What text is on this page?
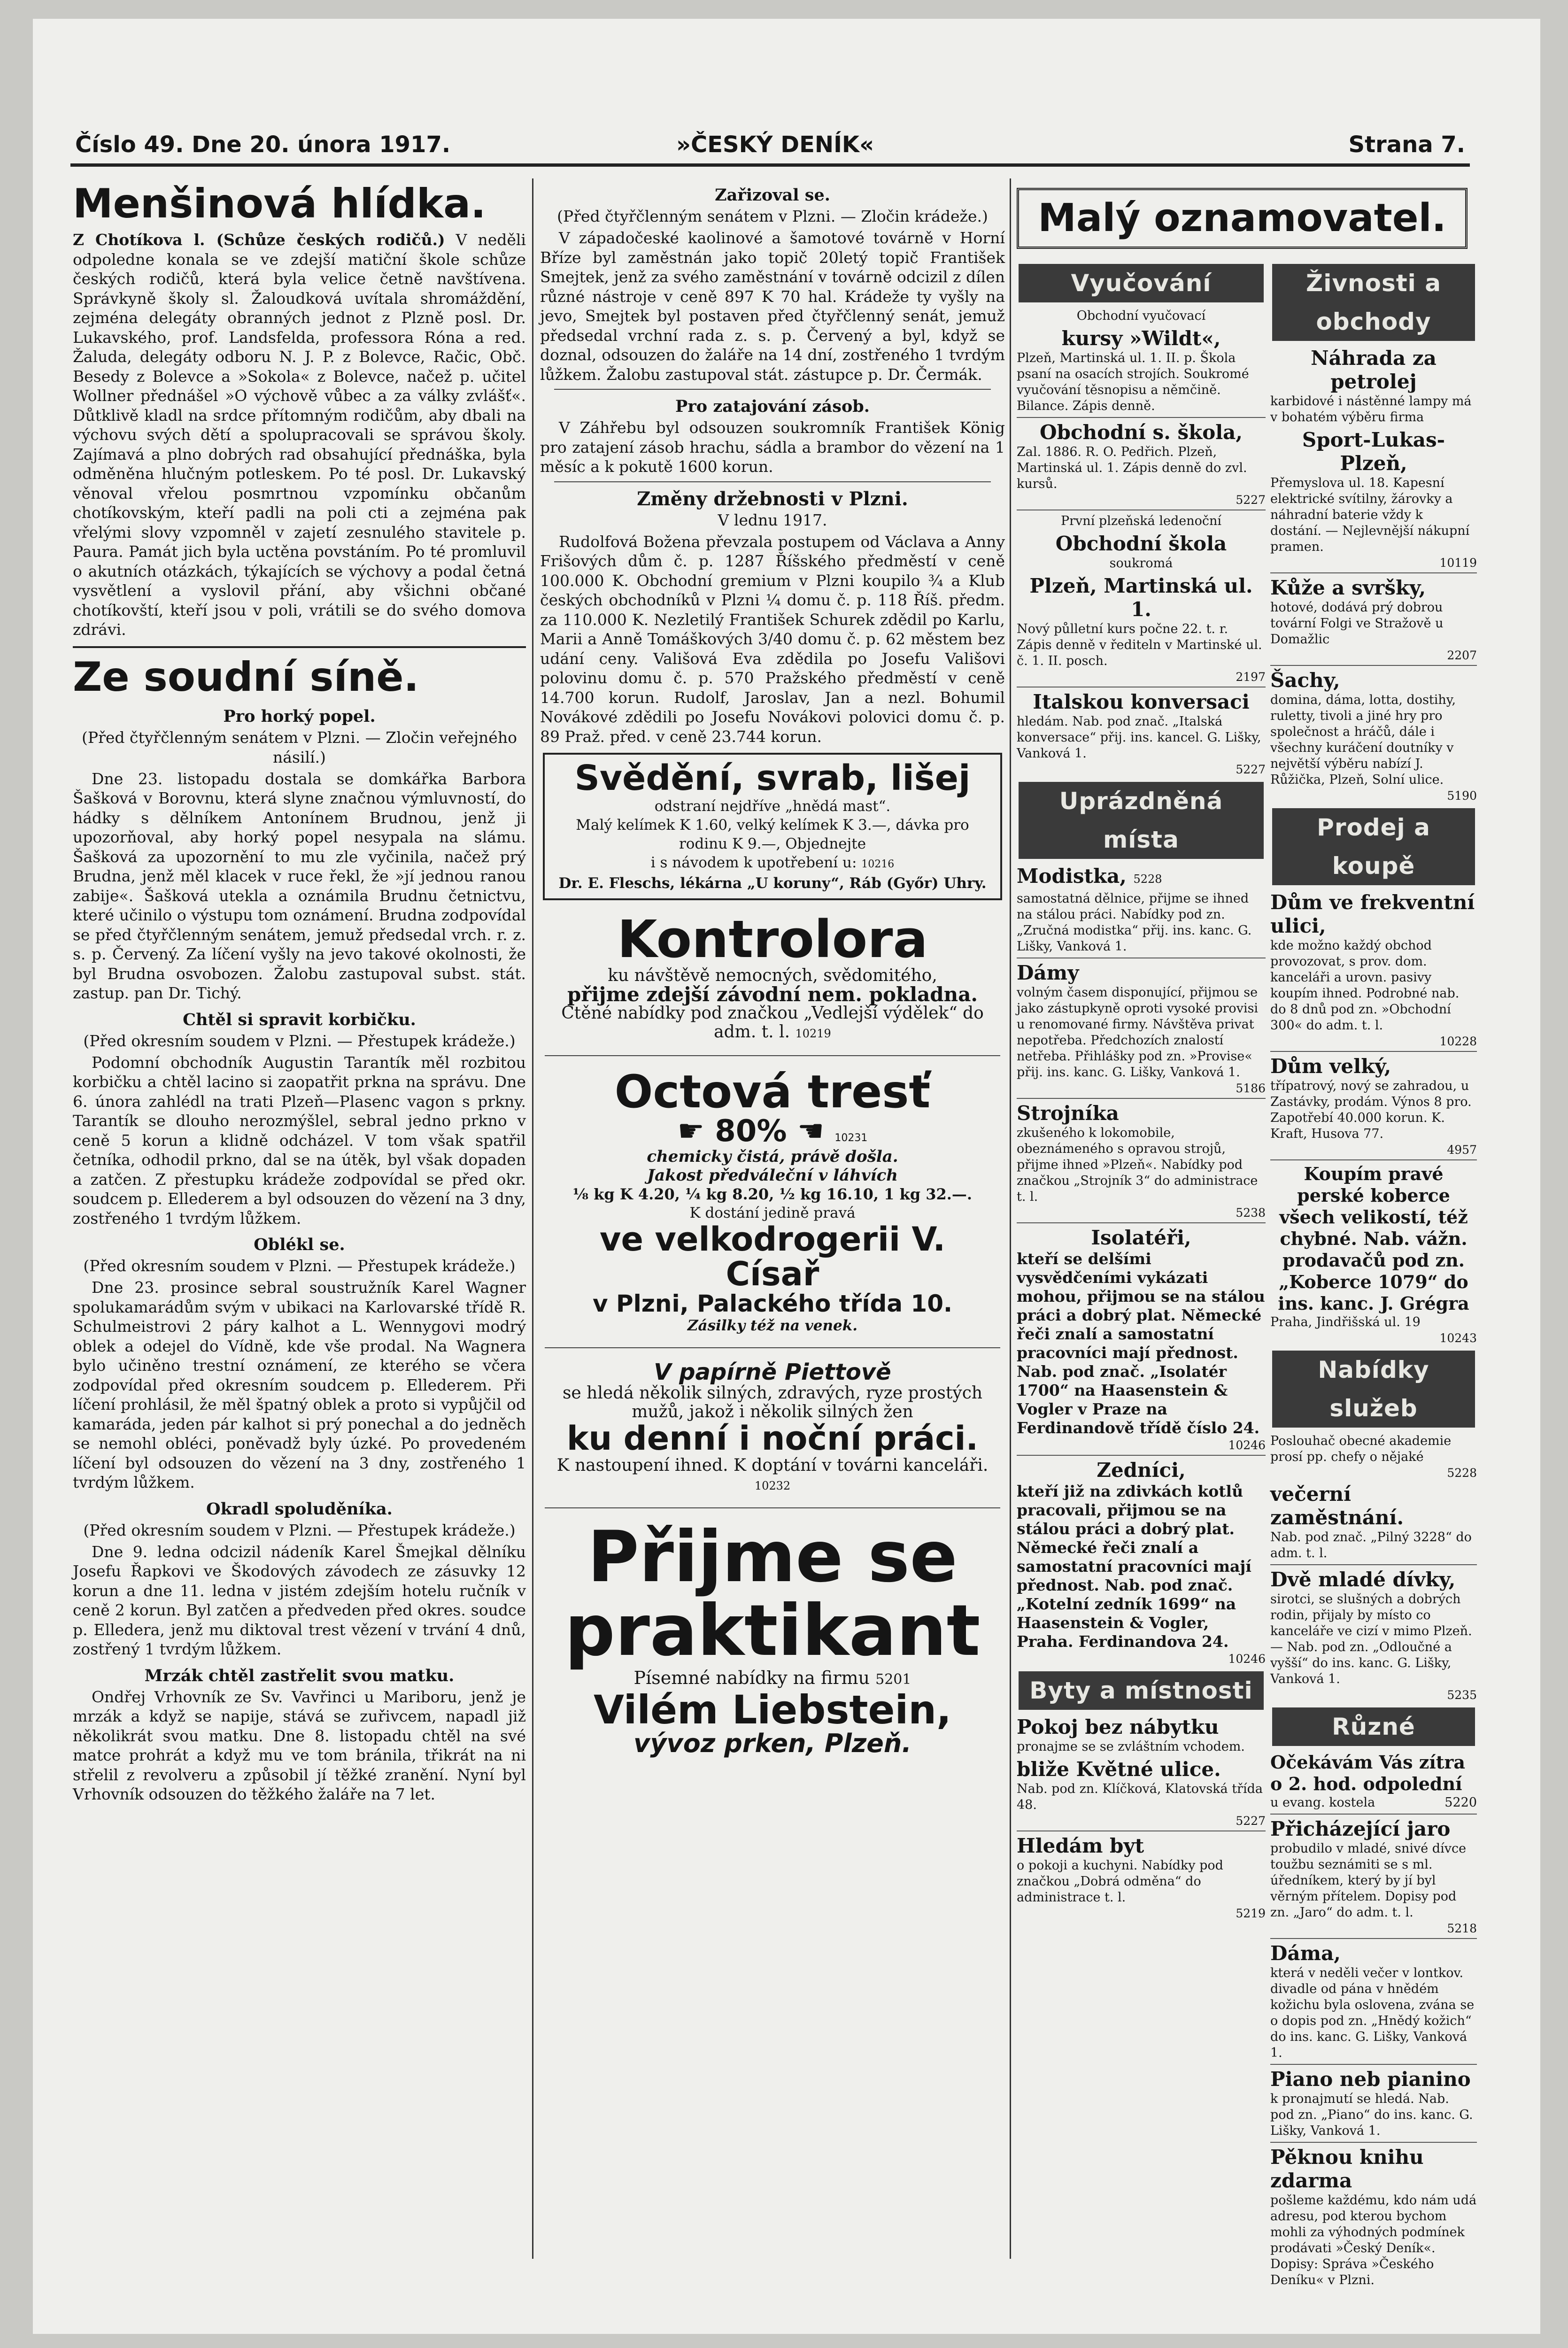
Číslo 49. Dne 20. února 1917.	»ČESKÝ DENÍK«	Strana 7.

Menšinová hlídka.

Z Chotíkova l. (Schůze českých rodičů.) V neděli odpoledne konala se ve zdejší matiční škole schůze českých rodičů, která byla velice četně navštívena. Správkyně školy sl. Žaloudková uvítala shromáždění, zejména delegáty obranných jednot z Plzně posl. Dr. Lukavského, prof. Landsfelda, professora Róna a red. Žaluda, delegáty odboru N. J. P. z Bolevce, Račic, Obč. Besedy z Bolevce a »Sokola« z Bolevce, načež p. učitel Wollner přednášel »O výchově vůbec a za války zvlášť«. Důtklivě kladl na srdce přítomným rodičům, aby dbali na výchovu svých dětí a spolupracovali se správou školy. Zajímavá a plno dobrých rad obsahující přednáška, byla odměněna hlučným potleskem. Po té posl. Dr. Lukavský věnoval vřelou posmrtnou vzpomínku občanům chotíkovským, kteří padli na poli cti a zejména pak vřelými slovy vzpomněl v zajetí zesnulého stavitele p. Paura. Památ jich byla uctěna povstáním. Po té promluvil o akutních otázkách, týkajících se výchovy a podal četná vysvětlení a vyslovil přání, aby všichni občané chotíkovští, kteří jsou v poli, vrátili se do svého domova zdrávi.

Ze soudní síně.

Pro horký popel.

(Před čtyřčlenným senátem v Plzni. — Zločin veřejného násilí.)

Dne 23. listopadu dostala se domkářka Barbora Šašková v Borovnu, která slyne značnou výmluvností, do hádky s dělníkem Antonínem Brudnou, jenž ji upozorňoval, aby horký popel nesypala na slámu. Šašková za upozornění to mu zle vyčinila, načež prý Brudna, jenž měl klacek v ruce řekl, že »jí jednou ranou zabije«. Šašková utekla a oznámila Brudnu četnictvu, které učinilo o výstupu tom oznámení. Brudna zodpovídal se před čtyřčlenným senátem, jemuž předsedal vrch. r. z. s. p. Červený. Za líčení vyšly na jevo takové okolnosti, že byl Brudna osvobozen. Žalobu zastupoval subst. stát. zastup. pan Dr. Tichý.

Chtěl si spravit korbičku.

(Před okresním soudem v Plzni. — Přestupek krádeže.)

Podomní obchodník Augustin Tarantík měl rozbitou korbičku a chtěl lacino si zaopatřit prkna na správu. Dne 6. února zahlédl na trati Plzeň—Plasenc vagon s prkny. Tarantík se dlouho nerozmýšlel, sebral jedno prkno v ceně 5 korun a klidně odcházel. V tom však spatřil četníka, odhodil prkno, dal se na útěk, byl však dopaden a zatčen. Z přestupku krádeže zodpovídal se před okr. soudcem p. Ellederem a byl odsouzen do vězení na 3 dny, zostřeného 1 tvrdým lůžkem.

Oblékl se.

(Před okresním soudem v Plzni. — Přestupek krádeže.)

Dne 23. prosince sebral soustružník Karel Wagner spolukamarádům svým v ubikaci na Karlovarské třídě R. Schulmeistrovi 2 páry kalhot a L. Wennygovi modrý oblek a odejel do Vídně, kde vše prodal. Na Wagnera bylo učiněno trestní oznámení, ze kterého se včera zodpovídal před okresním soudcem p. Ellederem. Při líčení prohlásil, že měl špatný oblek a proto si vypůjčil od kamaráda, jeden pár kalhot si prý ponechal a do jedněch se nemohl obléci, poněvadž byly úzké. Po provedeném líčení byl odsouzen do vězení na 3 dny, zostřeného 1 tvrdým lůžkem.

Okradl spoluděníka.

(Před okresním soudem v Plzni. — Přestupek krádeže.)

Dne 9. ledna odcizil nádeník Karel Šmejkal dělníku Josefu Řapkovi ve Škodových závodech ze zásuvky 12 korun a dne 11. ledna v jistém zdejším hotelu ručník v ceně 2 korun. Byl zatčen a předveden před okres. soudce p. Elledera, jenž mu diktoval trest vězení v trvání 4 dnů, zostřený 1 tvrdým lůžkem.

Mrzák chtěl zastřelit svou matku.

Ondřej Vrhovník ze Sv. Vavřinci u Mariboru, jenž je mrzák a když se napije, stává se zuřivcem, napadl již několikrát svou matku. Dne 8. listopadu chtěl na své matce prohrát a když mu ve tom bránila, třikrát na ni střelil z revolveru a způsobil jí těžké zranění. Nyní byl Vrhovník odsouzen do těžkého žaláře na 7 let.

Zařizoval se.

(Před čtyřčlenným senátem v Plzni. — Zločin krádeže.)

V západočeské kaolinové a šamotové továrně v Horní Bříze byl zaměstnán jako topič 20letý topič František Smejtek, jenž za svého zaměstnání v továrně odcizil z dílen různé nástroje v ceně 897 K 70 hal. Krádeže ty vyšly na jevo, Smejtek byl postaven před čtyřčlenný senát, jemuž předsedal vrchní rada z. s. p. Červený a byl, když se doznal, odsouzen do žaláře na 14 dní, zostřeného 1 tvrdým lůžkem. Žalobu zastupoval stát. zástupce p. Dr. Čermák.

Pro zatajování zásob.

V Záhřebu byl odsouzen soukromník František König pro zatajení zásob hrachu, sádla a brambor do vězení na 1 měsíc a k pokutě 1600 korun.

Změny držebnosti v Plzni.

V lednu 1917.

Rudolfová Božena převzala postupem od Václava a Anny Frišových dům č. p. 1287 Říšského předměstí v ceně 100.000 K. Obchodní gremium v Plzni koupilo ¾ a Klub českých obchodníků v Plzni ¼ domu č. p. 118 Říš. předm. za 110.000 K. Nezletilý František Schurek zdědil po Karlu, Marii a Anně Tomáškových 3/40 domu č. p. 62 městem bez udání ceny. Vališová Eva zdědila po Josefu Vališovi polovinu domu č. p. 570 Pražského předměstí v ceně 14.700 korun. Rudolf, Jaroslav, Jan a nezl. Bohumil Novákové zdědili po Josefu Novákovi polovici domu č. p. 89 Praž. před. v ceně 23.744 korun.

Svědění, svrab, lišej

odstraní nejdříve „hnědá mast“.

Malý kelímek K 1.60, velký kelímek K 3.—, dávka pro rodinu K 9.—, Objednejte

i s návodem k upotřebení u: 10216

Dr. E. Fleschs, lékárna „U koruny“, Ráb (Győr) Uhry.

Kontrolora

ku návštěvě nemocných, svědomitého,

přijme zdejší závodní nem. pokladna.

Ctěné nabídky pod značkou „Vedlejší výdělek“ do adm. t. l. 10219

Octová tresť

☛ 80% ☚ 10231

chemicky čistá, právě došla.

Jakost předváleční v láhvích

⅛ kg K 4.20, ¼ kg 8.20, ½ kg 16.10, 1 kg 32.—.

K dostání jedině pravá

ve velkodrogerii V. Císař

v Plzni, Palackého třída 10.

Zásilky též na venek.

V papírně Piettově

se hledá několik silných, zdravých, ryze prostých mužů, jakož i několik silných žen

ku denní i noční práci.

K nastoupení ihned. K doptání v továrni kanceláři. 10232

Přijme se

praktikant

Písemné nabídky na firmu 5201

Vilém Liebstein,

vývoz prken, Plzeň.

Malý oznamovatel.
Vyučování

Obchodní vyučovací

kursy »Wildt«,

Plzeň, Martinská ul. 1. II. p. Škola psaní na osacích strojích. Soukromé vyučování těsnopisu a němčině. Bilance. Zápis denně.

Obchodní s. škola,

Zal. 1886. R. O. Pedřich. Plzeň, Martinská ul. 1. Zápis denně do zvl. kursů.

5227

První plzeňská ledenoční

Obchodní škola

soukromá

Plzeň, Martinská ul. 1.

Nový půlletní kurs počne 22. t. r. Zápis denně v řediteln v Martinské ul. č. 1. II. posch.

2197

Italskou konversaci

hledám. Nab. pod znač. „Italská konversace“ přij. ins. kancel. G. Lišky, Vanková 1.

5227

Uprázdněná místa

Modistka, 5228

samostatná dělnice, přijme se ihned na stálou práci. Nabídky pod zn. „Zručná modistka“ přij. ins. kanc. G. Lišky, Vanková 1.

Dámy

volným časem disponující, přijmou se jako zástupkyně oproti vysoké provisi u renomované firmy. Návštěva privat nepotřeba. Předchozích znalostí netřeba. Přihlášky pod zn. »Provise« přij. ins. kanc. G. Lišky, Vanková 1.

5186

Strojníka

zkušeného k lokomobile, obeznámeného s opravou strojů, přijme ihned »Plzeň«. Nabídky pod značkou „Strojník 3“ do administrace t. l.

5238

Isolatéři,

kteří se delšími vysvědčeními vykázati mohou, přijmou se na stálou práci a dobrý plat. Německé řeči znalí a samostatní pracovníci mají přednost. Nab. pod znač. „Isolatér 1700“ na Haasenstein & Vogler v Praze na Ferdinandově třídě číslo 24.

10246

Zedníci,

kteří již na zdivkách kotlů pracovali, přijmou se na stálou práci a dobrý plat. Německé řeči znalí a samostatní pracovníci mají přednost. Nab. pod znač. „Kotelní zedník 1699“ na Haasenstein & Vogler, Praha. Ferdinandova 24.

10246

Byty a místnosti

Pokoj bez nábytku

pronajme se se zvláštním vchodem.

bliže Květné ulice.

Nab. pod zn. Klíčková, Klatovská třída 48.

5227

Hledám byt

o pokoji a kuchyni. Nabídky pod značkou „Dobrá odměna“ do administrace t. l.

5219

Živnosti a obchody

Náhrada za petrolej

karbidové i nástěnné lampy má v bohatém výběru firma

Sport-Lukas-Plzeň,

Přemyslova ul. 18. Kapesní elektrické svítilny, žárovky a náhradní baterie vždy k dostání. — Nejlevnější nákupní pramen.

10119

Kůže a svršky,

hotové, dodává prý dobrou tovární Folgi ve Stražově u Domažlic

2207

Šachy,

domina, dáma, lotta, dostihy, ruletty, tivoli a jiné hry pro společnost a hráčů, dále i všechny kuráčení doutníky v největší výběru nabízí J. Růžička, Plzeň, Solní ulice.

5190

Prodej a koupě

Dům ve frekventní ulici,

kde možno každý obchod provozovat, s prov. dom. kanceláři a urovn. pasivy koupím ihned. Podrobné nab. do 8 dnů pod zn. »Obchodní 300« do adm. t. l.

10228

Dům velký,

třípatrový, nový se zahradou, u Zastávky, prodám. Výnos 8 pro. Zapotřebí 40.000 korun. K. Kraft, Husova 77.

4957

Koupím pravé perské koberce všech velikostí, též chybné. Nab. vážn. prodavačů pod zn. „Koberce 1079“ do ins. kanc. J. Grégra

Praha, Jindřišská ul. 19

10243

Nabídky služeb

Poslouhač obecné akademie prosí pp. chefy o nějaké

5228

večerní zaměstnání.

Nab. pod znač. „Pilný 3228“ do adm. t. l.

Dvě mladé dívky,

sirotci, se slušných a dobrých rodin, přijaly by místo co kanceláře ve cizí v mimo Plzeň. — Nab. pod zn. „Odloučné a vyšší“ do ins. kanc. G. Lišky, Vanková 1.

5235

Různé

Očekávám Vás zítra o 2. hod. odpolední

u evang. kostela	5220

Přicházející jaro

probudilo v mladé, snivé dívce toužbu seznámiti se s ml. úředníkem, který by jí byl věrným přítelem. Dopisy pod zn. „Jaro“ do adm. t. l.

5218

Dáma,

která v neděli večer v lontkov. divadle od pána v hnědém kožichu byla oslovena, zvána se o dopis pod zn. „Hnědý kožich“ do ins. kanc. G. Lišky, Vanková 1.

Piano neb pianino

k pronajmutí se hledá. Nab. pod zn. „Piano“ do ins. kanc. G. Lišky, Vanková 1.

Pěknou knihu zdarma

pošleme každému, kdo nám udá adresu, pod kterou bychom mohli za výhodných podmínek prodávati »Český Deník«. Dopisy: Správa »Českého Deníku« v Plzni.
